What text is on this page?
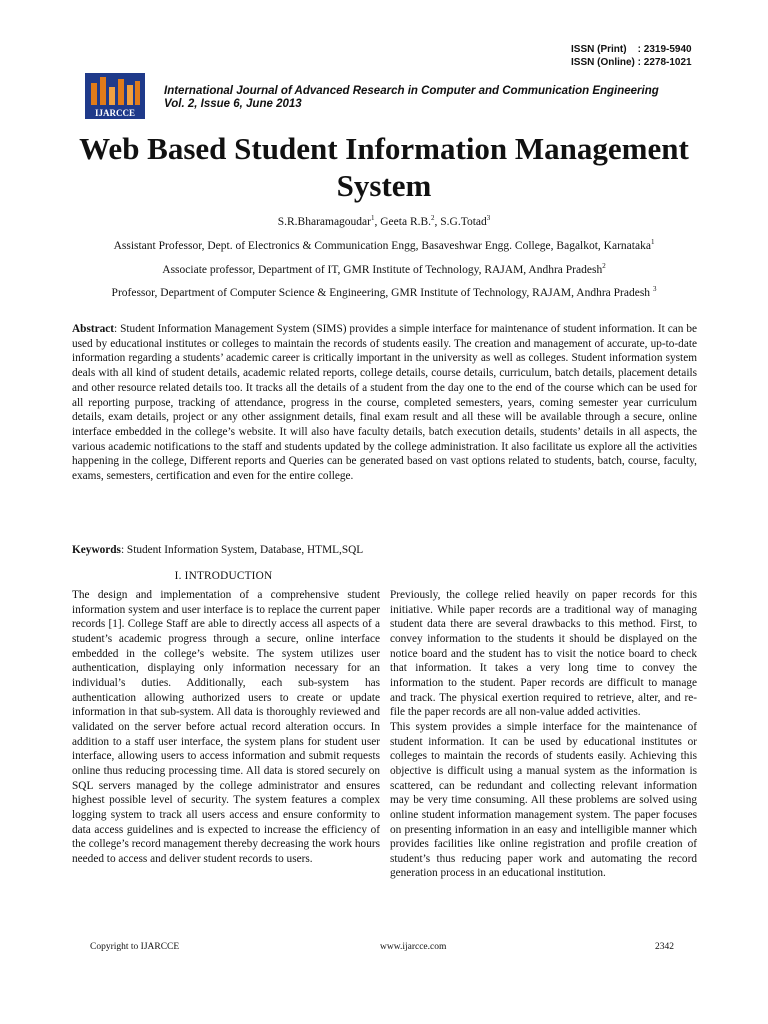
ISSN (Print)    : 2319-5940
ISSN (Online) : 2278-1021
IJARCCE
International Journal of Advanced Research in Computer and Communication Engineering
Vol. 2, Issue 6, June 2013
Web Based Student Information Management
System
S.R.Bharamagoudar$^1$, Geeta R.B.$^2$, S.G.Totad$^3$
Assistant Professor, Dept. of Electronics & Communication Engg, Basaveshwar Engg. College, Bagalkot, Karnataka$^1$
Associate professor, Department of IT, GMR Institute of Technology, RAJAM, Andhra Pradesh$^2$
Professor, Department of Computer Science & Engineering, GMR Institute of Technology, RAJAM, Andhra Pradesh $^3$
Abstract: Student Information Management System (SIMS) provides a simple interface for maintenance of student information. It can be used by educational institutes or colleges to maintain the records of students easily. The creation and management of accurate, up-to-date information regarding a students’ academic career is critically important in the university as well as colleges. Student information system deals with all kind of student details, academic related reports, college details, course details, curriculum, batch details, placement details and other resource related details too. It tracks all the details of a student from the day one to the end of the course which can be used for all reporting purpose, tracking of attendance, progress in the course, completed semesters, years, coming semester year curriculum details, exam details, project or any other assignment details, final exam result and all these will be available through a secure, online interface embedded in the college’s website. It will also have faculty details, batch execution details, students’ details in all aspects, the various academic notifications to the staff and students updated by the college administration. It also facilitate us explore all the activities happening in the college, Different reports and Queries can be generated based on vast options related to students, batch, course, faculty, exams, semesters, certification and even for the entire college.
Keywords: Student Information System, Database, HTML,SQL
I. INTRODUCTION

The design and implementation of a comprehensive student information system and user interface is to replace the current paper records [1]. College Staff are able to directly access all aspects of a student’s academic progress through a secure, online interface embedded in the college’s website. The system utilizes user authentication, displaying only information necessary for an individual’s duties. Additionally, each sub-system has authentication allowing authorized users to create or update information in that sub-system. All data is thoroughly reviewed and validated on the server before actual record alteration occurs. In addition to a staff user interface, the system plans for student user interface, allowing users to access information and submit requests online thus reducing processing time. All data is stored securely on SQL servers managed by the college administrator and ensures highest possible level of security. The system features a complex logging system to track all users access and ensure conformity to data access guidelines and is expected to increase the efficiency of the college’s record management thereby decreasing the work hours needed to access and deliver student records to users.

Previously, the college relied heavily on paper records for this initiative. While paper records are a traditional way of managing student data there are several drawbacks to this method. First, to convey information to the students it should be displayed on the notice board and the student has to visit the notice board to check that information. It takes a very long time to convey the information to the student. Paper records are difficult to manage and track. The physical exertion required to retrieve, alter, and re-file the paper records are all non-value added activities.

This system provides a simple interface for the maintenance of student information. It can be used by educational institutes or colleges to maintain the records of students easily. Achieving this objective is difficult using a manual system as the information is scattered, can be redundant and collecting relevant information may be very time consuming. All these problems are solved using online student information management system. The paper focuses on presenting information in an easy and intelligible manner which provides facilities like online registration and profile creation of student’s thus reducing paper work and automating the record generation process in an educational institution.

Copyright to IJARCCE	www.ijarcce.com	2342
